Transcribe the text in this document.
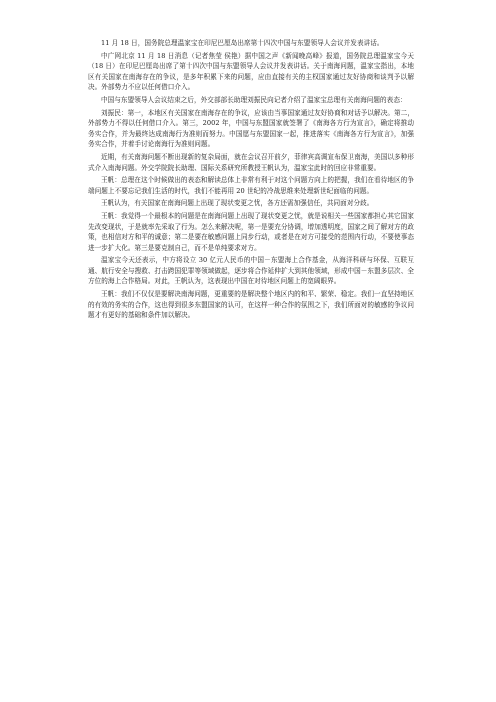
11 月 18 日，国务院总理温家宝在印尼巴厘岛出席第十四次中国与东盟领导人会议并发表讲话。

中广网北京 11 月 18 日消息（记者焦莹 侯艳）据中国之声《新闻晚高峰》报道，国务院总理温家宝今天（18 日）在印尼巴厘岛出席了第十四次中国与东盟领导人会议并发表讲话。关于南海问题，温家宝指出，本地区有关国家在南海存在的争议，是多年积累下来的问题，应由直接有关的主权国家通过友好协商和谈判予以解决。外部势力不应以任何借口介入。

中国与东盟领导人会议结束之后，外交部部长助理刘振民向记者介绍了温家宝总理有关南海问题的表态：

刘振民：第一，本地区有关国家在南海存在的争议，应该由当事国家通过友好协商和对话予以解决。第二，外部势力不得以任何借口介入。第三，2002 年，中国与东盟国家就签署了《南海各方行为宣言》，确定将推动务实合作，并为最终达成南海行为准则而努力。中国愿与东盟国家一起，推进落实《南海各方行为宣言》，加强务实合作，并着手讨论南海行为准则问题。

近期，有关南海问题不断出现新的复杂局面，就在会议召开前夕，菲律宾高调宣布保卫南海，美国以多种形式介入南海问题。外交学院院长助理、国际关系研究所教授王帆认为，温家宝此时的回应非常重要。

王帆：总理在这个时候做出的表态和解读总体上非常有利于对这个问题方向上的把握，我们在看待地区的争端问题上不要忘记我们生活的时代，我们不能再用 20 世纪的冷战思维来处理新世纪面临的问题。

王帆认为，有关国家在南海问题上出现了现状变更之忧，各方还需加强信任，共同面对分歧。

王帆：我觉得一个最根本的问题是在南海问题上出现了现状变更之忧，就是说相关一些国家都担心其它国家先改变现状，于是就率先采取了行为。怎么来解决呢，第一是要充分协调，增加透明度，国家之间了解对方的政策，也相信对方和平的诚意；第二是要在敏感问题上同步行动，或者是在对方可接受的范围内行动，不要使事态进一步扩大化。第三是要克制自己，而不是单纯要求对方。

温家宝今天还表示，中方将设立 30 亿元人民币的中国－东盟海上合作基金，从海洋科研与环保、互联互通、航行安全与搜救、打击跨国犯罪等领域做起，逐步将合作延伸扩大到其他领域，形成中国－东盟多层次、全方位的海上合作格局。对此，王帆认为，这表现出中国在对待地区问题上的宽阔眼界。

王帆：我们不仅仅是要解决南海问题，更重要的是解决整个地区内的和平、繁荣、稳定。我们一直坚持地区的有效的务实的合作，这也得到很多东盟国家的认可，在这样一种合作的氛围之下，我们所面对的敏感的争议问题才有更好的基础和条件加以解决。
